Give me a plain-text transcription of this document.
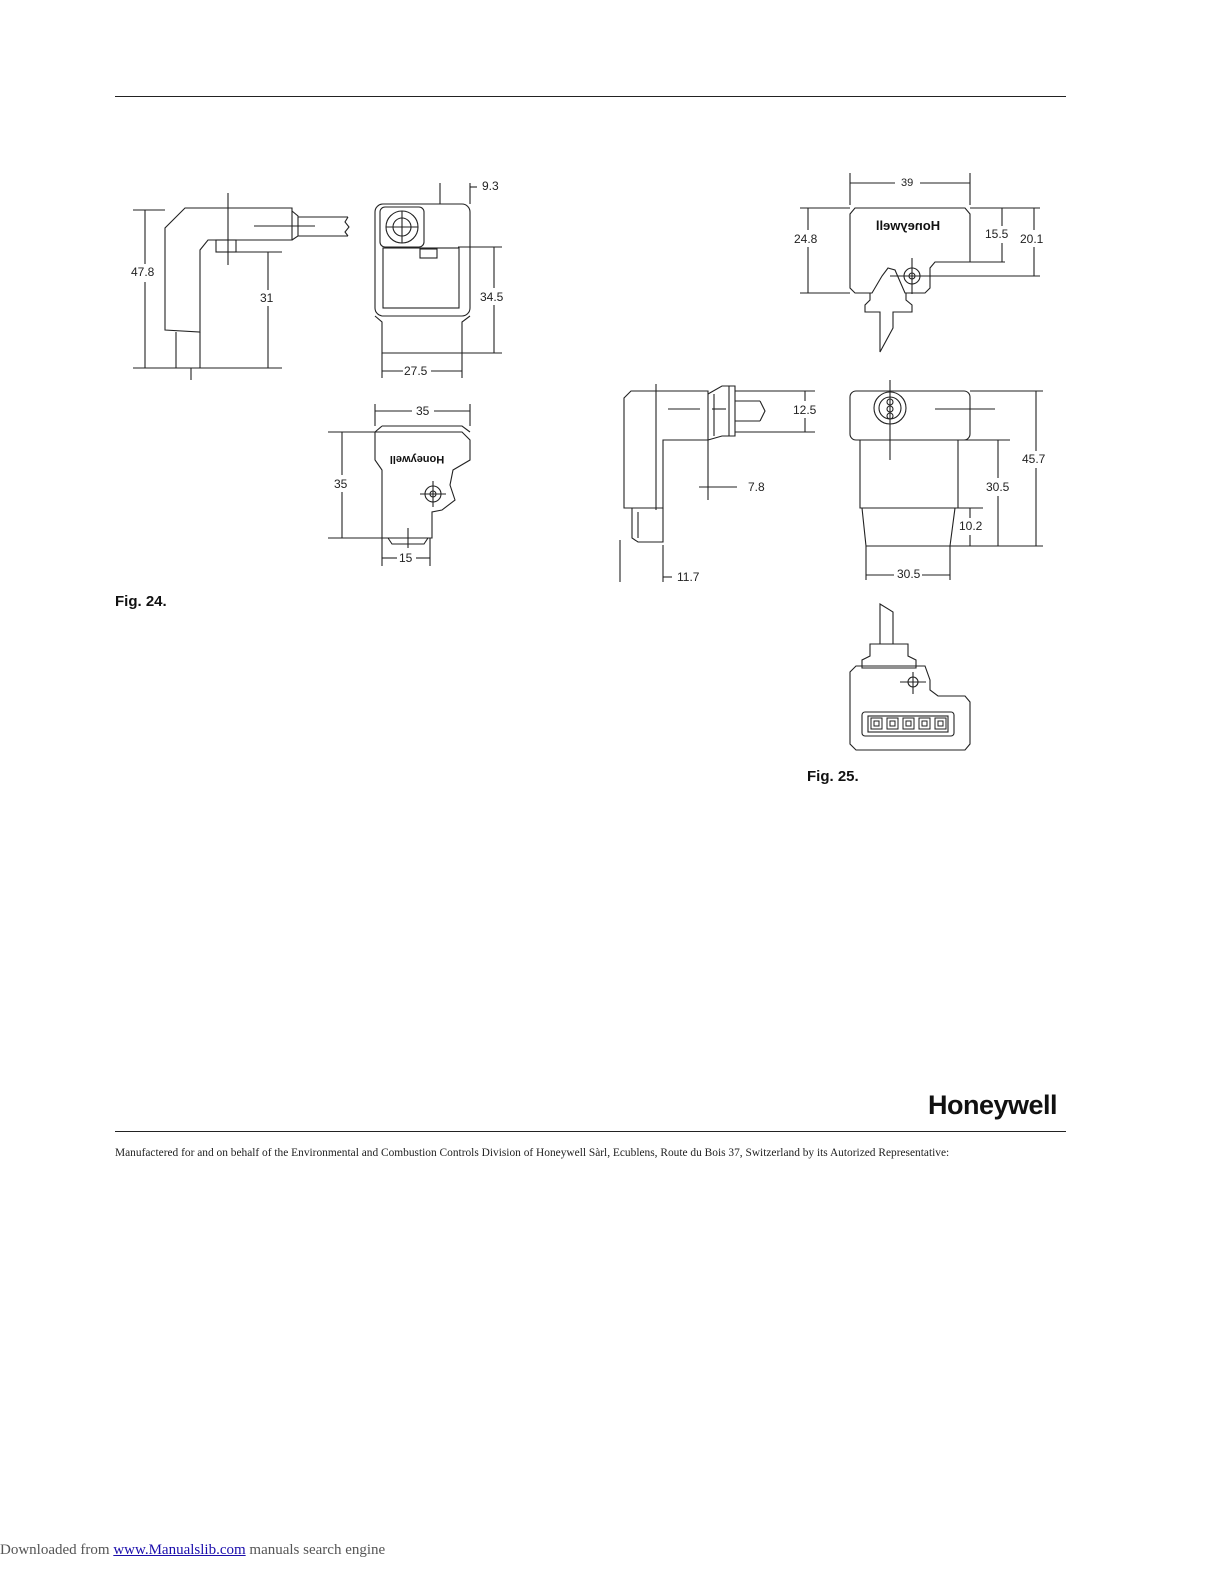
Honeywell
Honeywell
9.3
47.8
31	34.5
27.5
35
35
15
39
24.8	15.5 20.1
12.5
45.7
7.8	30.5
10.2
11.7	30.5
Fig. 24.
Fig. 25.
Honeywell
Manufactered for and on behalf of the Environmental and Combustion Controls Division of Honeywell Sàrl, Ecublens, Route du Bois 37, Switzerland by its Autorized Representative:
Downloaded from www.Manualslib.com manuals search engine
